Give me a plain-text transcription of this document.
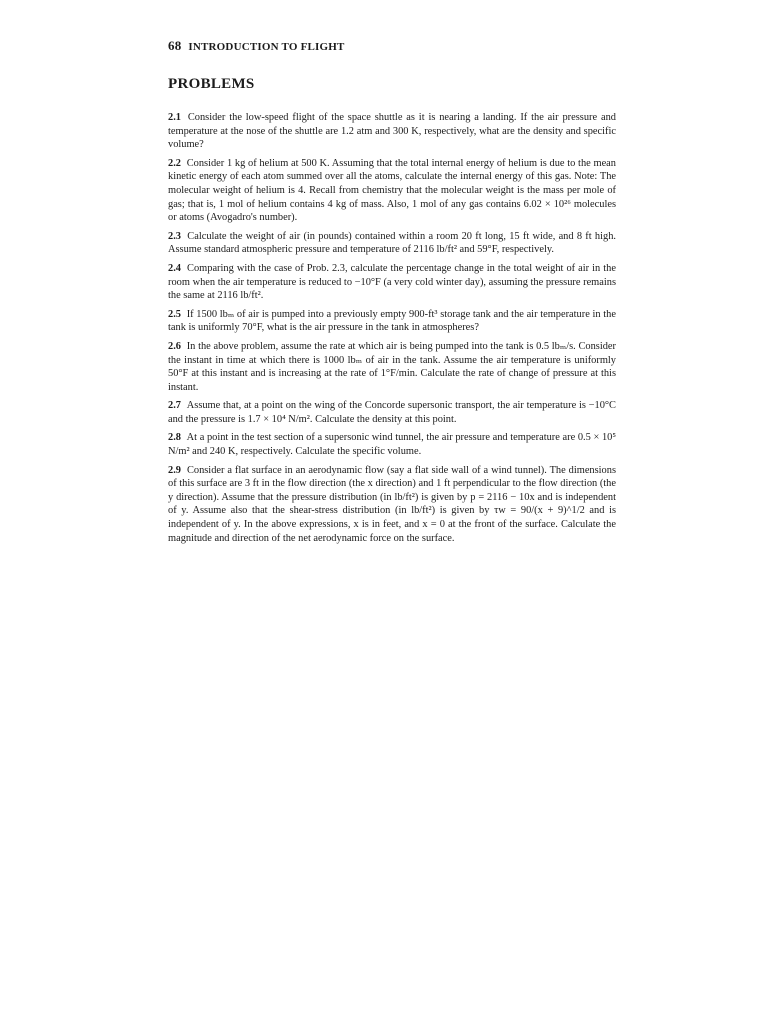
68 INTRODUCTION TO FLIGHT
PROBLEMS
2.1 Consider the low-speed flight of the space shuttle as it is nearing a landing. If the air pressure and temperature at the nose of the shuttle are 1.2 atm and 300 K, respectively, what are the density and specific volume?

2.2 Consider 1 kg of helium at 500 K. Assuming that the total internal energy of helium is due to the mean kinetic energy of each atom summed over all the atoms, calculate the internal energy of this gas. Note: The molecular weight of helium is 4. Recall from chemistry that the molecular weight is the mass per mole of gas; that is, 1 mol of helium contains 4 kg of mass. Also, 1 mol of any gas contains 6.02 × 10²⁶ molecules or atoms (Avogadro's number).

2.3 Calculate the weight of air (in pounds) contained within a room 20 ft long, 15 ft wide, and 8 ft high. Assume standard atmospheric pressure and temperature of 2116 lb/ft² and 59°F, respectively.

2.4 Comparing with the case of Prob. 2.3, calculate the percentage change in the total weight of air in the room when the air temperature is reduced to −10°F (a very cold winter day), assuming the pressure remains the same at 2116 lb/ft².

2.5 If 1500 lbₘ of air is pumped into a previously empty 900-ft³ storage tank and the air temperature in the tank is uniformly 70°F, what is the air pressure in the tank in atmospheres?

2.6 In the above problem, assume the rate at which air is being pumped into the tank is 0.5 lbₘ/s. Consider the instant in time at which there is 1000 lbₘ of air in the tank. Assume the air temperature is uniformly 50°F at this instant and is increasing at the rate of 1°F/min. Calculate the rate of change of pressure at this instant.

2.7 Assume that, at a point on the wing of the Concorde supersonic transport, the air temperature is −10°C and the pressure is 1.7 × 10⁴ N/m². Calculate the density at this point.

2.8 At a point in the test section of a supersonic wind tunnel, the air pressure and temperature are 0.5 × 10⁵ N/m² and 240 K, respectively. Calculate the specific volume.

2.9 Consider a flat surface in an aerodynamic flow (say a flat side wall of a wind tunnel). The dimensions of this surface are 3 ft in the flow direction (the x direction) and 1 ft perpendicular to the flow direction (the y direction). Assume that the pressure distribution (in lb/ft²) is given by p = 2116 − 10x and is independent of y. Assume also that the shear-stress distribution (in lb/ft²) is given by τw = 90/(x + 9)^1/2 and is independent of y. In the above expressions, x is in feet, and x = 0 at the front of the surface. Calculate the magnitude and direction of the net aerodynamic force on the surface.
